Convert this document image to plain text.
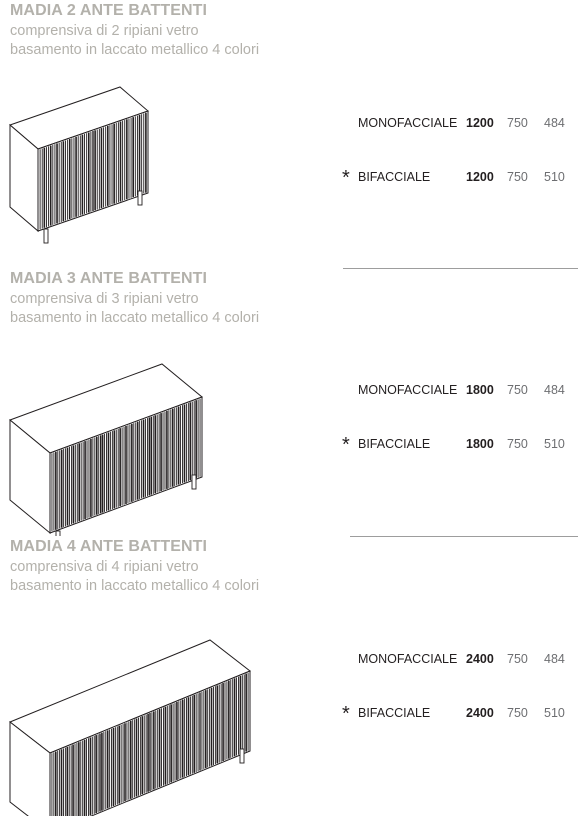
MADIA 2 ANTE BATTENTI
comprensiva di 2 ripiani vetro
basamento in laccato metallico 4 colori
MONOFACCIALE 1200 750 484
* BIFACCIALE	1200 750 510
MADIA 3 ANTE BATTENTI
comprensiva di 3 ripiani vetro
basamento in laccato metallico 4 colori
MONOFACCIALE 1800 750 484
* BIFACCIALE	1800 750 510
MADIA 4 ANTE BATTENTI
comprensiva di 4 ripiani vetro
basamento in laccato metallico 4 colori
MONOFACCIALE 2400 750 484
* BIFACCIALE	2400 750 510
